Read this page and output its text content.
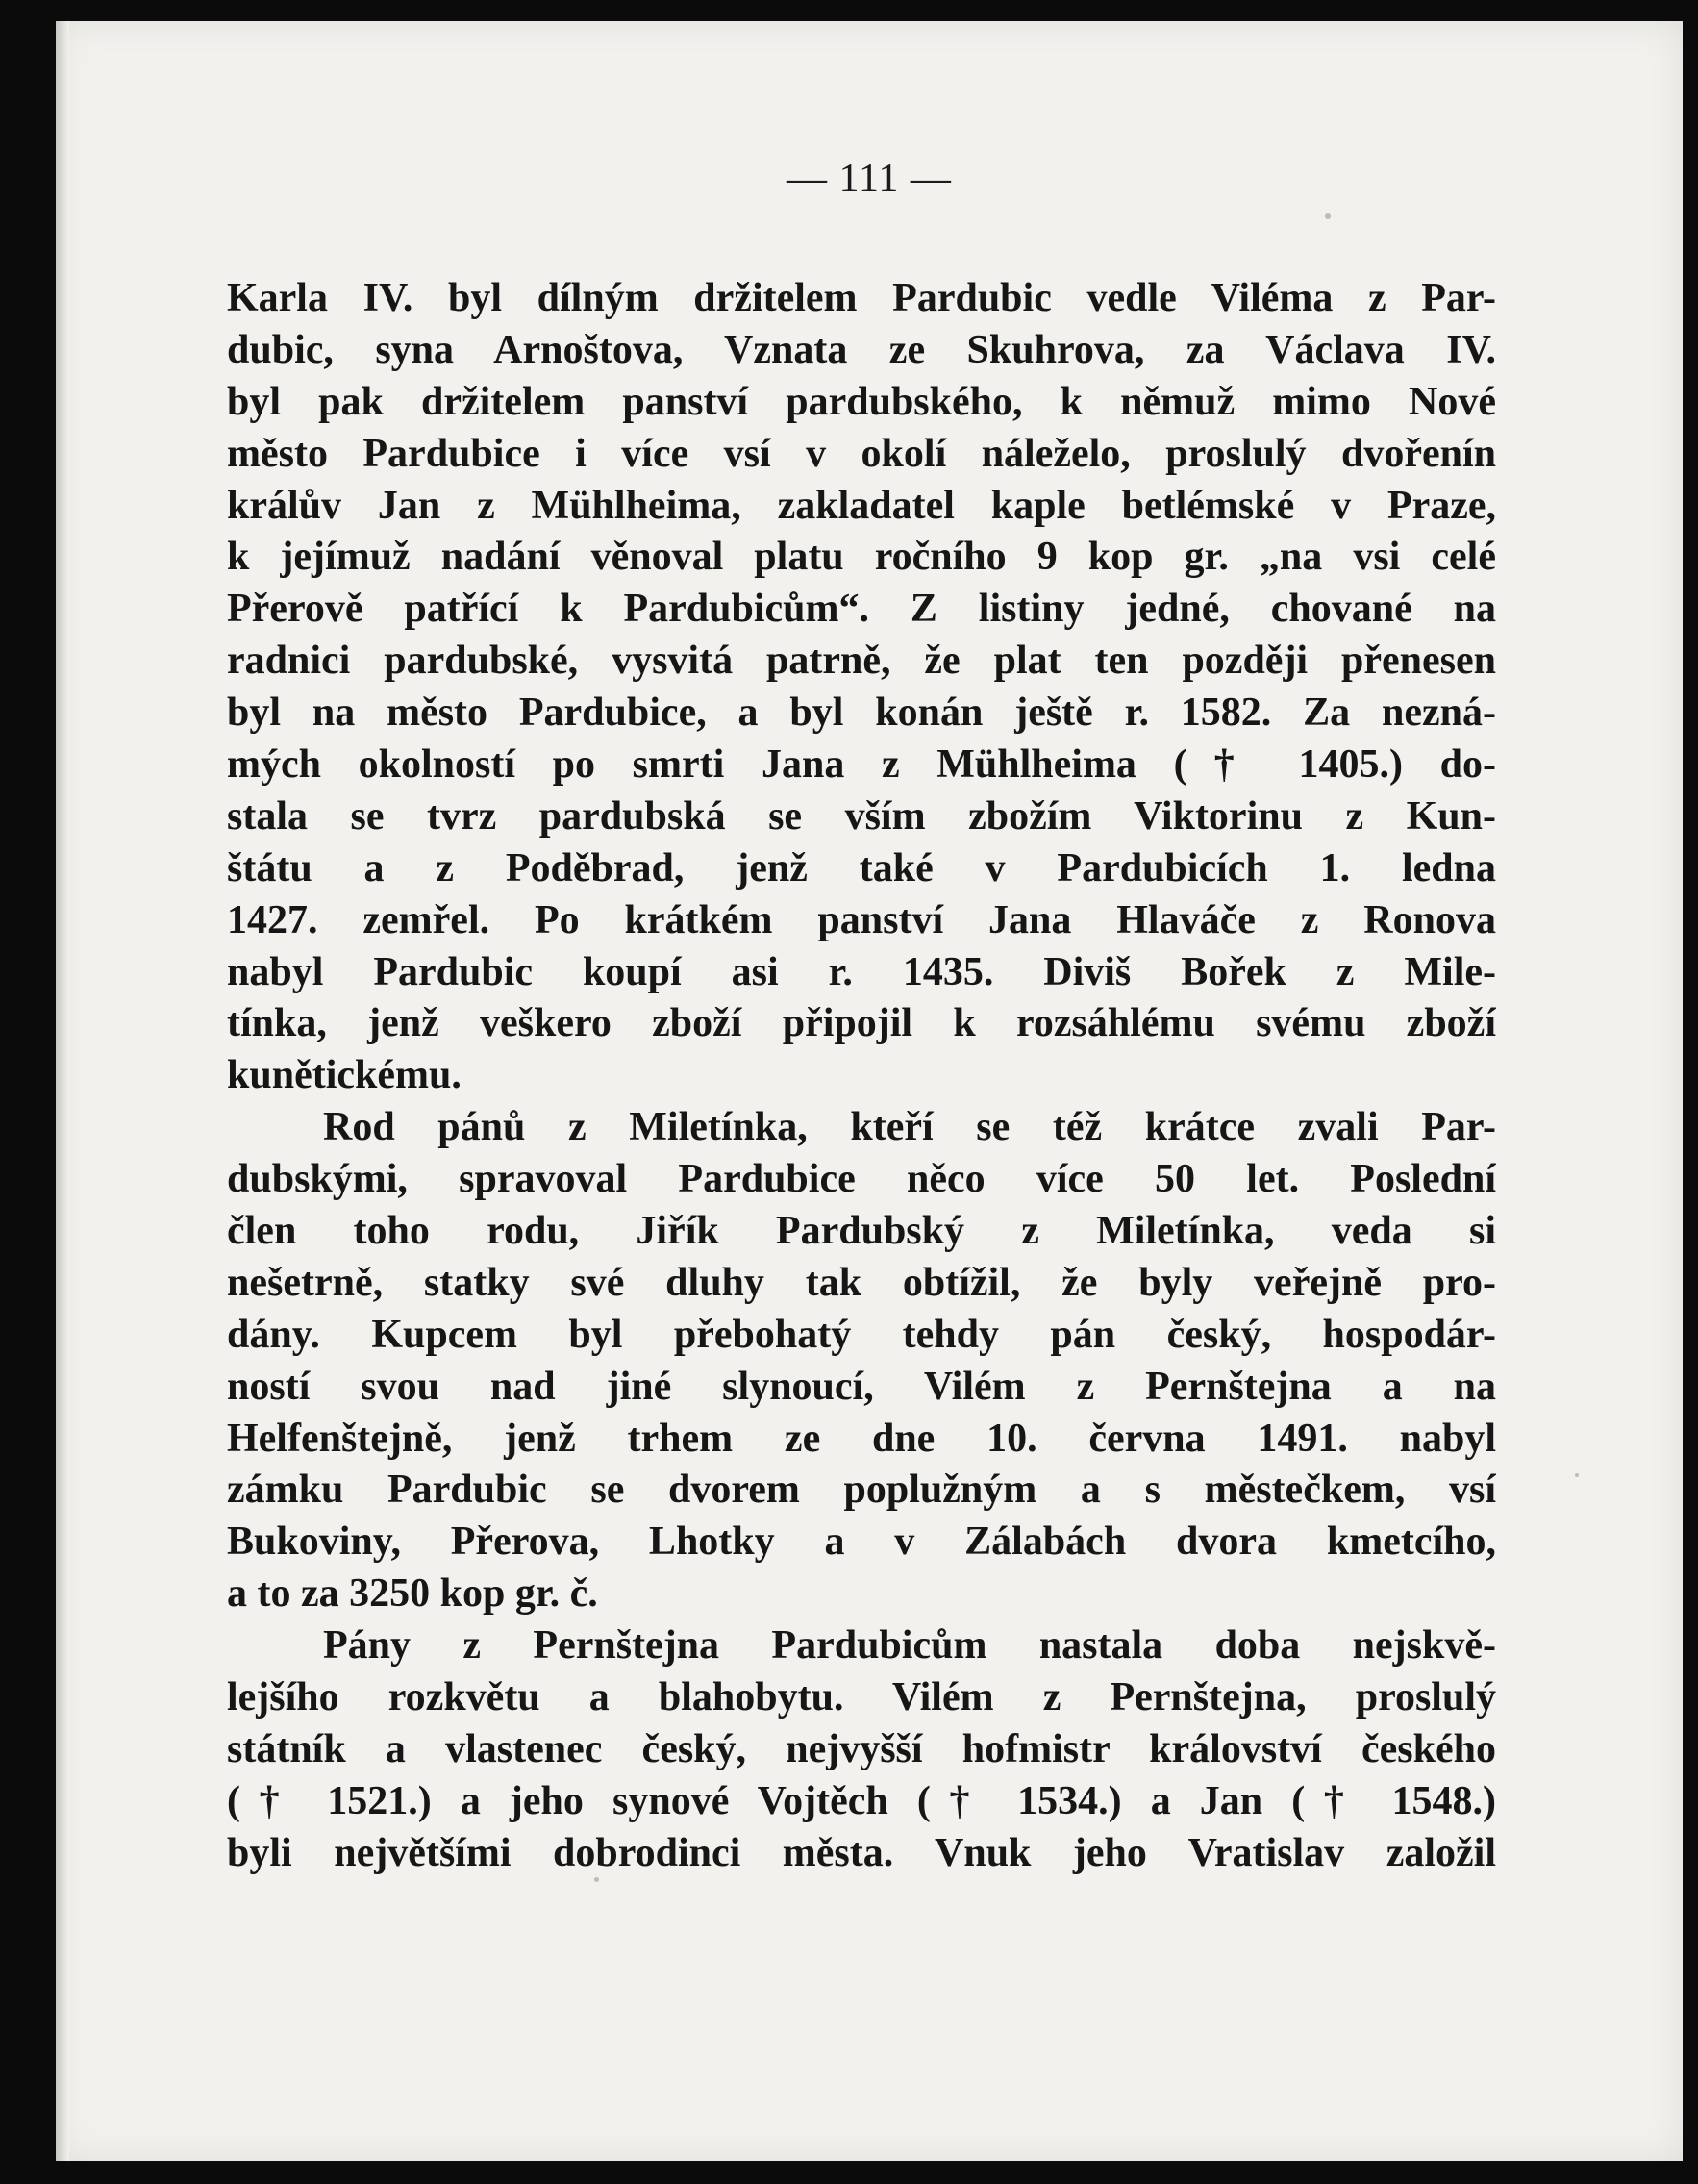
— 111 —
Karla IV. byl dílným držitelem Pardubic vedle Viléma z Par-
dubic, syna Arnoštova, Vznata ze Skuhrova, za Václava IV.
byl pak držitelem panství pardubského, k němuž mimo Nové
město Pardubice i více vsí v okolí náleželo, proslulý dvořenín
králův Jan z Mühlheima, zakladatel kaple betlémské v Praze,
k jejímuž nadání věnoval platu ročního 9 kop gr. „na vsi celé
Přerově patřící k Pardubicům“. Z listiny jedné, chované na
radnici pardubské, vysvitá patrně, že plat ten později přenesen
byl na město Pardubice, a byl konán ještě r. 1582. Za nezná-
mých okolností po smrti Jana z Mühlheima († 1405.) do-
stala se tvrz pardubská se vším zbožím Viktorinu z Kun-
štátu a z Poděbrad, jenž také v Pardubicích 1. ledna
1427. zemřel. Po krátkém panství Jana Hlaváče z Ronova
nabyl Pardubic koupí asi r. 1435. Diviš Bořek z Mile-
tínka, jenž veškero zboží připojil k rozsáhlému svému zboží
kunětickému.
Rod pánů z Miletínka, kteří se též krátce zvali Par-
dubskými, spravoval Pardubice něco více 50 let. Poslední
člen toho rodu, Jiřík Pardubský z Miletínka, veda si
nešetrně, statky své dluhy tak obtížil, že byly veřejně pro-
dány. Kupcem byl přebohatý tehdy pán český, hospodár-
ností svou nad jiné slynoucí, Vilém z Pernštejna a na
Helfenštejně, jenž trhem ze dne 10. června 1491. nabyl
zámku Pardubic se dvorem poplužným a s městečkem, vsí
Bukoviny, Přerova, Lhotky a v Zálabách dvora kmetcího,
a to za 3250 kop gr. č.
Pány z Pernštejna Pardubicům nastala doba nejskvě-
lejšího rozkvětu a blahobytu. Vilém z Pernštejna, proslulý
státník a vlastenec český, nejvyšší hofmistr království českého
(† 1521.) a jeho synové Vojtěch († 1534.) a Jan († 1548.)
byli největšími dobrodinci města. Vnuk jeho Vratislav založil
